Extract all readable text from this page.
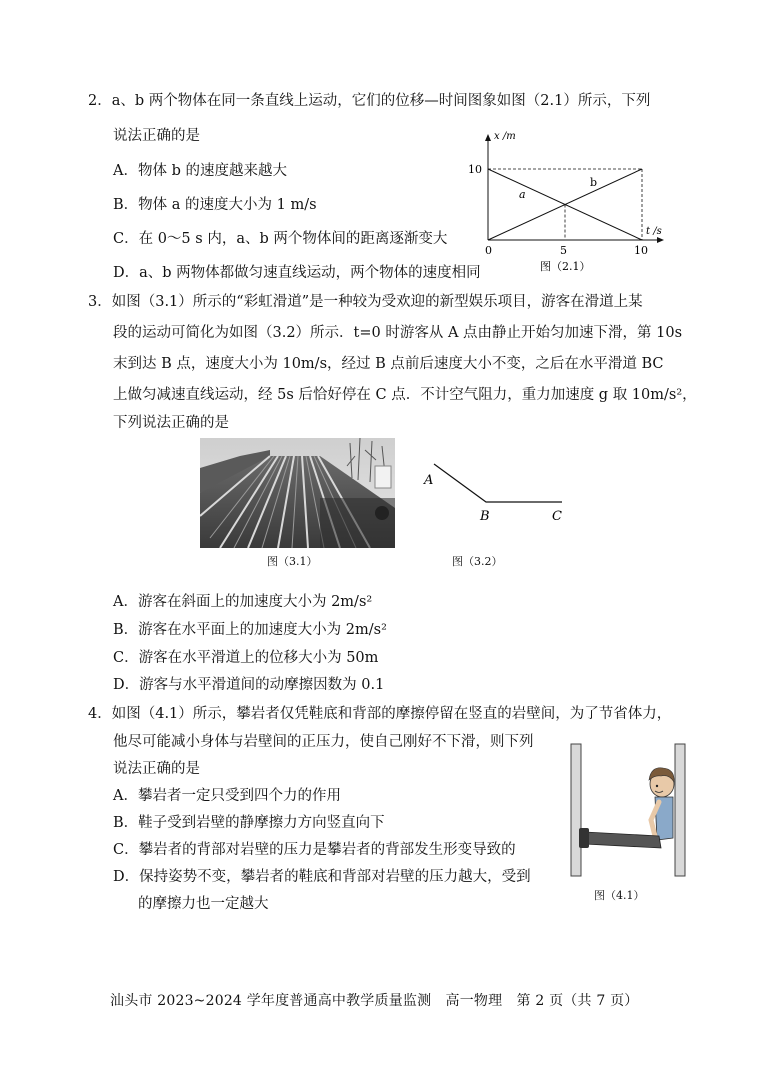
2．a、b 两个物体在同一条直线上运动，它们的位移—时间图象如图（2.1）所示，下列
说法正确的是
A．物体 b 的速度越来越大
B．物体 a 的速度大小为 1 m/s
C．在 0～5 s 内，a、b 两个物体间的距离逐渐变大
D．a、b 两物体都做匀速直线运动，两个物体的速度相同
x /m
t /s
10
0	5	10
a
b
图（2.1）
3．如图（3.1）所示的“彩虹滑道”是一种较为受欢迎的新型娱乐项目，游客在滑道上某
段的运动可简化为如图（3.2）所示．t=0 时游客从 A 点由静止开始匀加速下滑，第 10s
末到达 B 点，速度大小为 10m/s，经过 B 点前后速度大小不变，之后在水平滑道 BC
上做匀减速直线运动，经 5s 后恰好停在 C 点．不计空气阻力，重力加速度 g 取 10m/s²，
下列说法正确的是
图（3.1）
A
B	C
图（3.2）
A．游客在斜面上的加速度大小为 2m/s²
B．游客在水平面上的加速度大小为 2m/s²
C．游客在水平滑道上的位移大小为 50m
D．游客与水平滑道间的动摩擦因数为 0.1
4．如图（4.1）所示，攀岩者仅凭鞋底和背部的摩擦停留在竖直的岩壁间，为了节省体力，
他尽可能减小身体与岩壁间的正压力，使自己刚好不下滑，则下列
说法正确的是
A．攀岩者一定只受到四个力的作用
B．鞋子受到岩壁的静摩擦力方向竖直向下
C．攀岩者的背部对岩壁的压力是攀岩者的背部发生形变导致的
D．保持姿势不变，攀岩者的鞋底和背部对岩壁的压力越大，受到
的摩擦力也一定越大
图（4.1）
汕头市 2023~2024 学年度普通高中教学质量监测　高一物理　第 2 页（共 7 页）
